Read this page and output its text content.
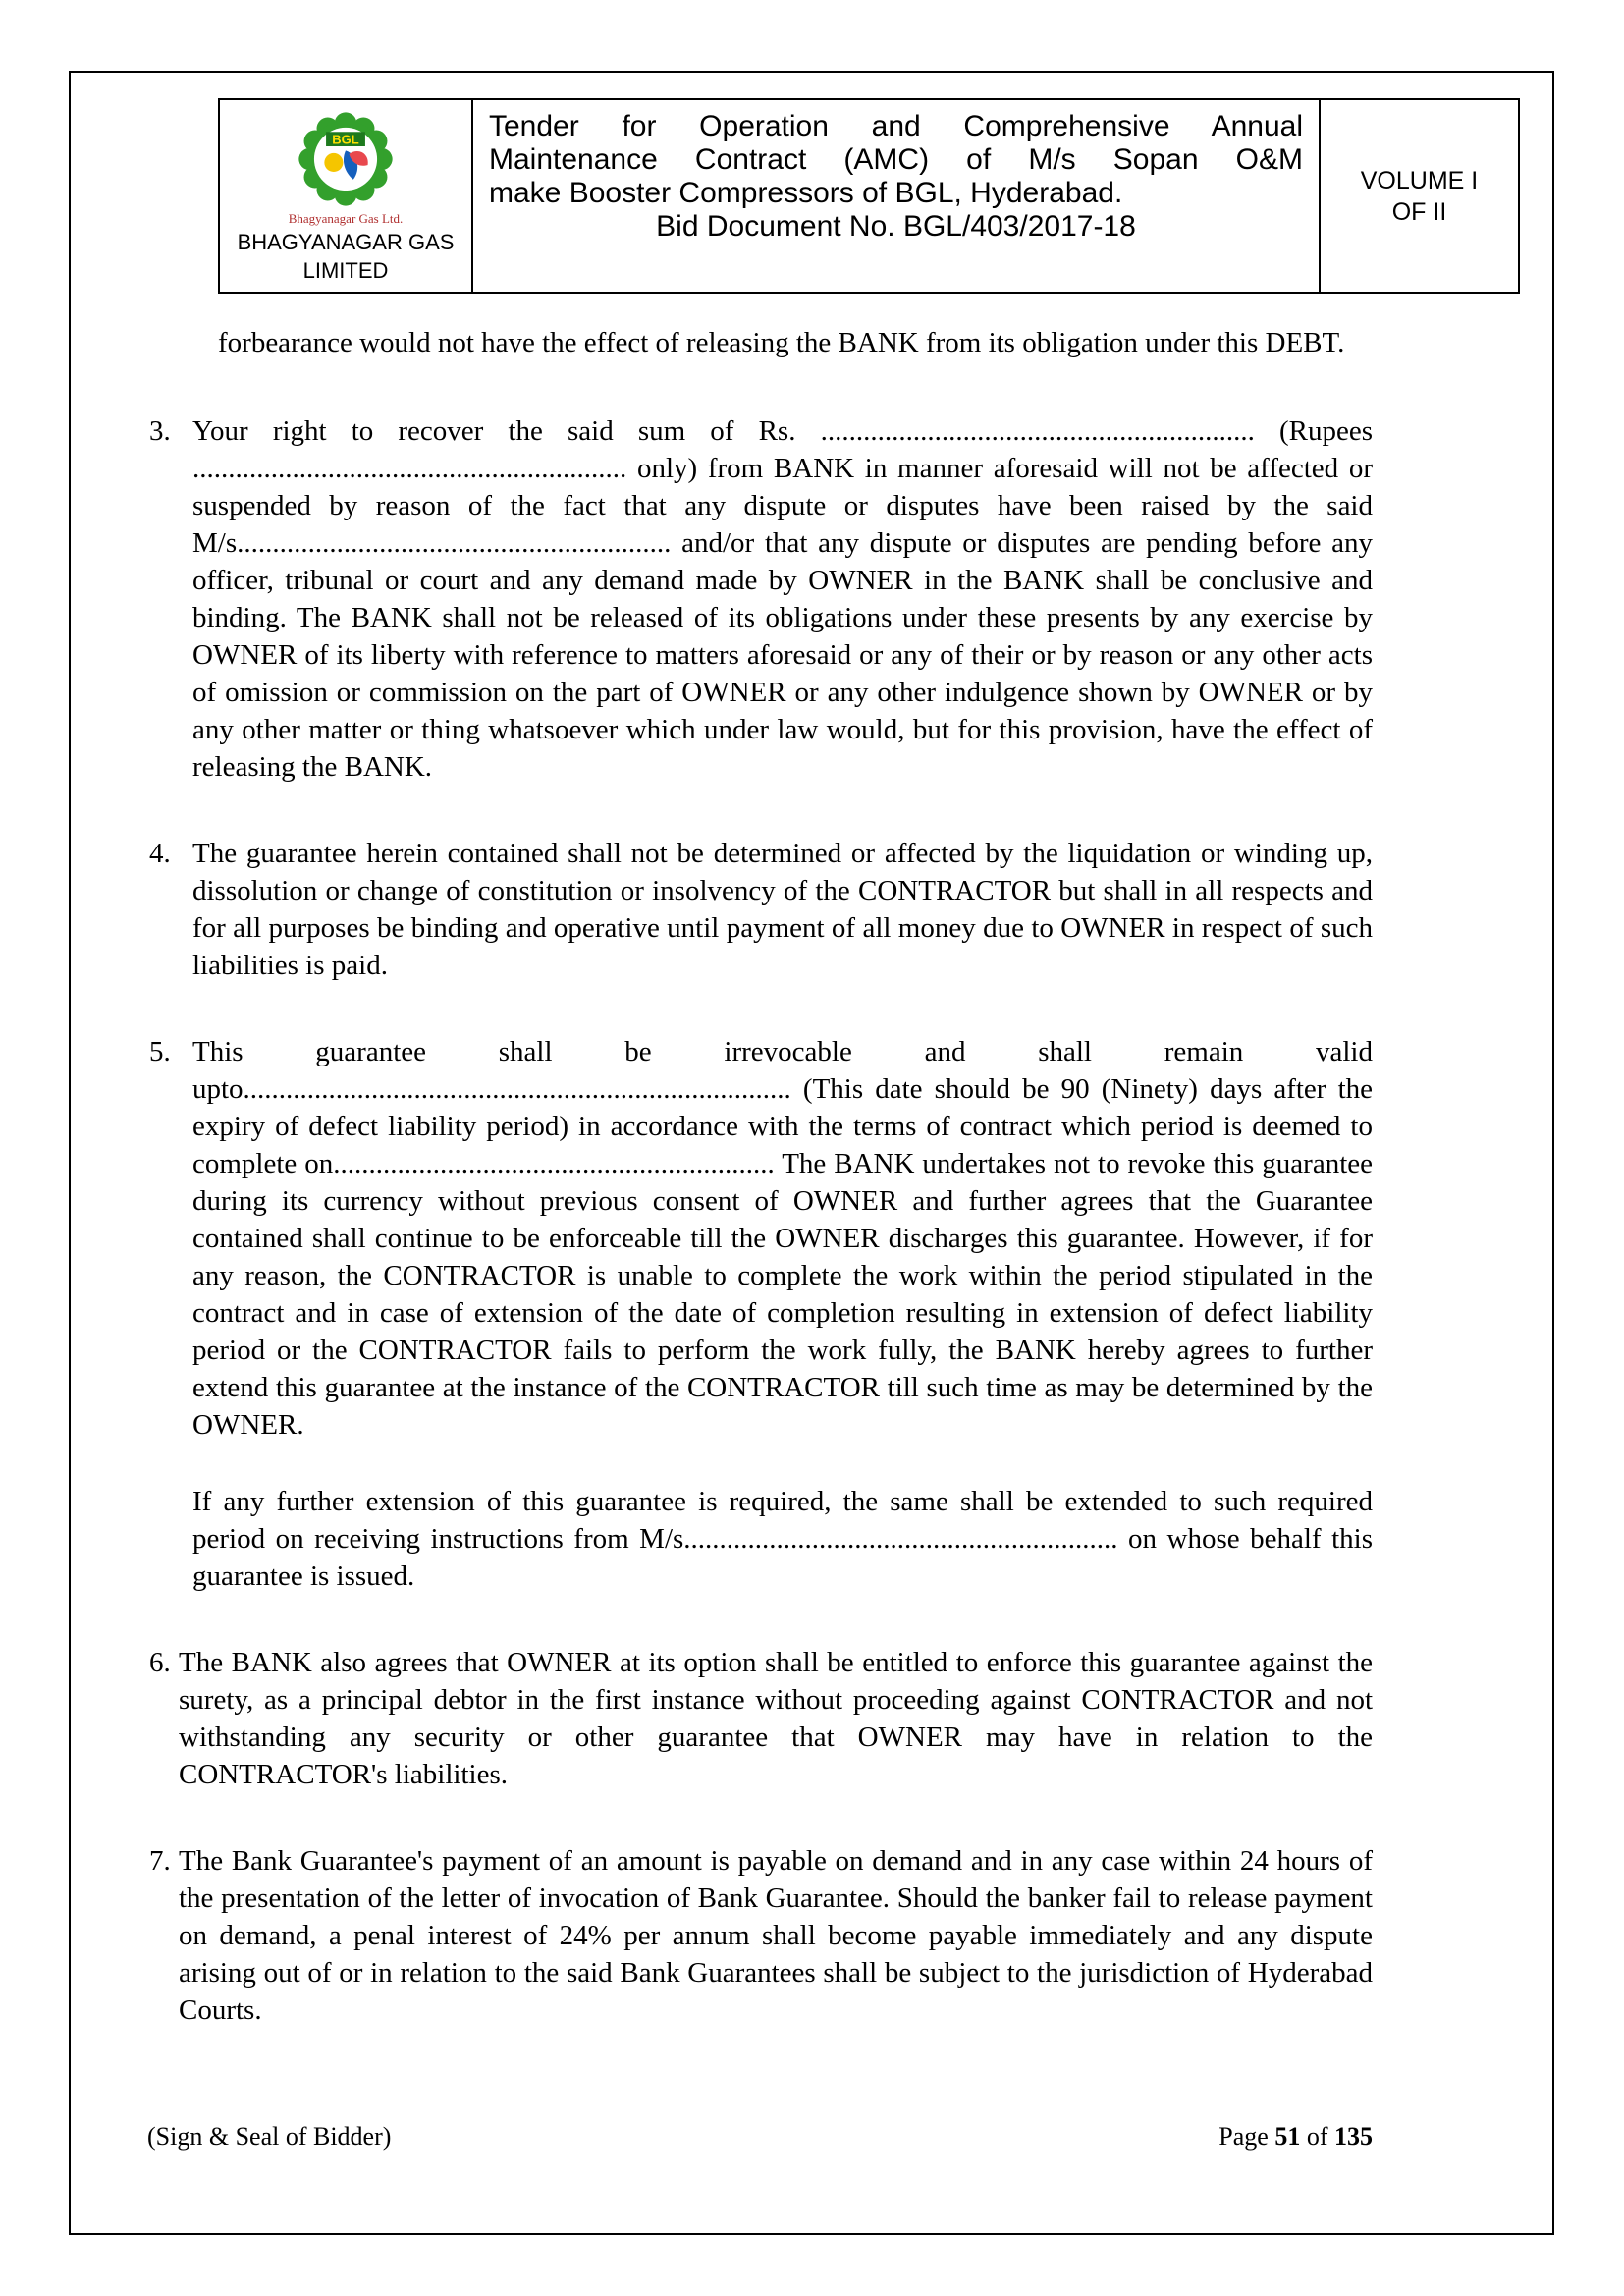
BGL
Bhagyanagar Gas Ltd.
BHAGYANAGAR GAS
LIMITED
Tender for Operation and Comprehensive Annual
Maintenance Contract (AMC) of M/s Sopan O&M
make Booster Compressors of BGL, Hyderabad.
Bid Document No. BGL/403/2017-18
VOLUME I
OF II

forbearance would not have the effect of releasing the BANK from its obligation under this DEBT.

3. Your right to recover the said sum of Rs. ............................................................. (Rupees ............................................................. only) from BANK in manner aforesaid will not be affected or suspended by reason of the fact that any dispute or disputes have been raised by the said M/s............................................................. and/or that any dispute or disputes are pending before any officer, tribunal or court and any demand made by OWNER in the BANK shall be conclusive and binding. The BANK shall not be released of its obligations under these presents by any exercise by OWNER of its liberty with reference to matters aforesaid or any of their or by reason or any other acts of omission or commission on the part of OWNER or any other indulgence shown by OWNER or by any other matter or thing whatsoever which under law would, but for this provision, have the effect of releasing the BANK.
4. The guarantee herein contained shall not be determined or affected by the liquidation or winding up, dissolution or change of constitution or insolvency of the CONTRACTOR but shall in all respects and for all purposes be binding and operative until payment of all money due to OWNER in respect of such liabilities is paid.
5. This guarantee shall be irrevocable and shall remain valid upto............................................................................. (This date should be 90 (Ninety) days after the expiry of defect liability period) in accordance with the terms of contract which period is deemed to complete on.............................................................. The BANK undertakes not to revoke this guarantee during its currency without previous consent of OWNER and further agrees that the Guarantee contained shall continue to be enforceable till the OWNER discharges this guarantee. However, if for any reason, the CONTRACTOR is unable to complete the work within the period stipulated in the contract and in case of extension of the date of completion resulting in extension of defect liability period or the CONTRACTOR fails to perform the work fully, the BANK hereby agrees to further extend this guarantee at the instance of the CONTRACTOR till such time as may be determined by the OWNER.
If any further extension of this guarantee is required, the same shall be extended to such required period on receiving instructions from M/s............................................................. on whose behalf this guarantee is issued.
6. The BANK also agrees that OWNER at its option shall be entitled to enforce this guarantee against the surety, as a principal debtor in the first instance without proceeding against CONTRACTOR and not withstanding any security or other guarantee that OWNER may have in relation to the CONTRACTOR's liabilities.
7. The Bank Guarantee's payment of an amount is payable on demand and in any case within 24 hours of the presentation of the letter of invocation of Bank Guarantee. Should the banker fail to release payment on demand, a penal interest of 24% per annum shall become payable immediately and any dispute arising out of or in relation to the said Bank Guarantees shall be subject to the jurisdiction of Hyderabad Courts.
(Sign & Seal of Bidder)	Page 51 of 135
